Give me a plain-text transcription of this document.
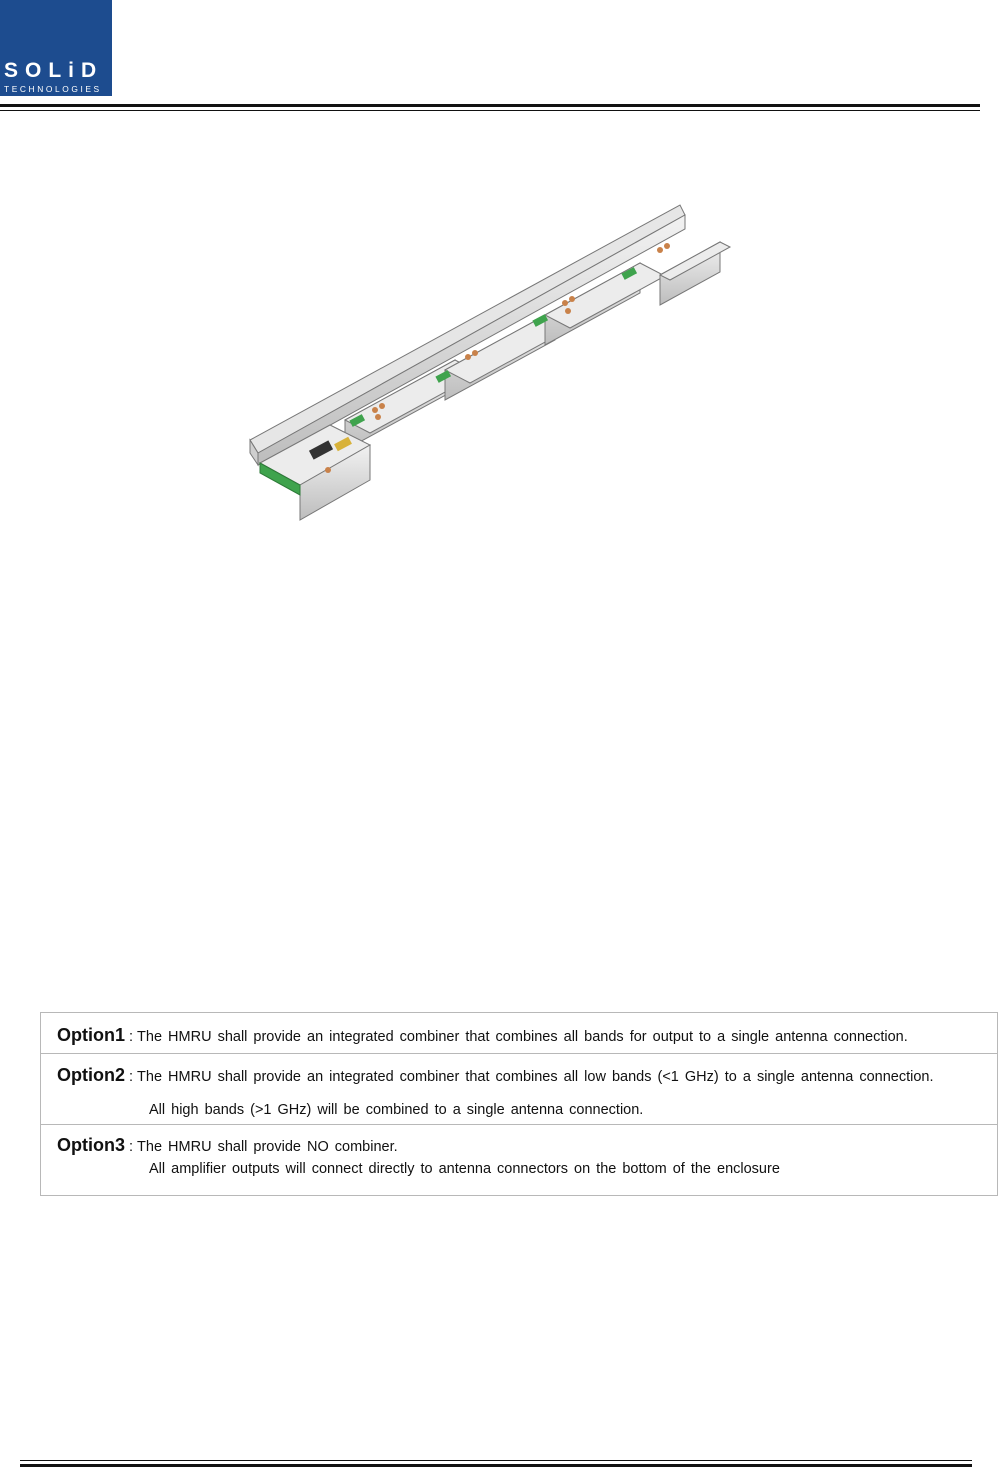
SOLiD
TECHNOLOGIES
Option1 : The HMRU shall provide an integrated combiner that combines all bands for output to a single antenna connection.

Option2 : The HMRU shall provide an integrated combiner that combines all low bands (<1 GHz) to a single antenna connection.
All high bands (>1 GHz) will be combined to a single antenna connection.

Option3 : The HMRU shall provide NO combiner.
All amplifier outputs will connect directly to antenna connectors on the bottom of the enclosure
